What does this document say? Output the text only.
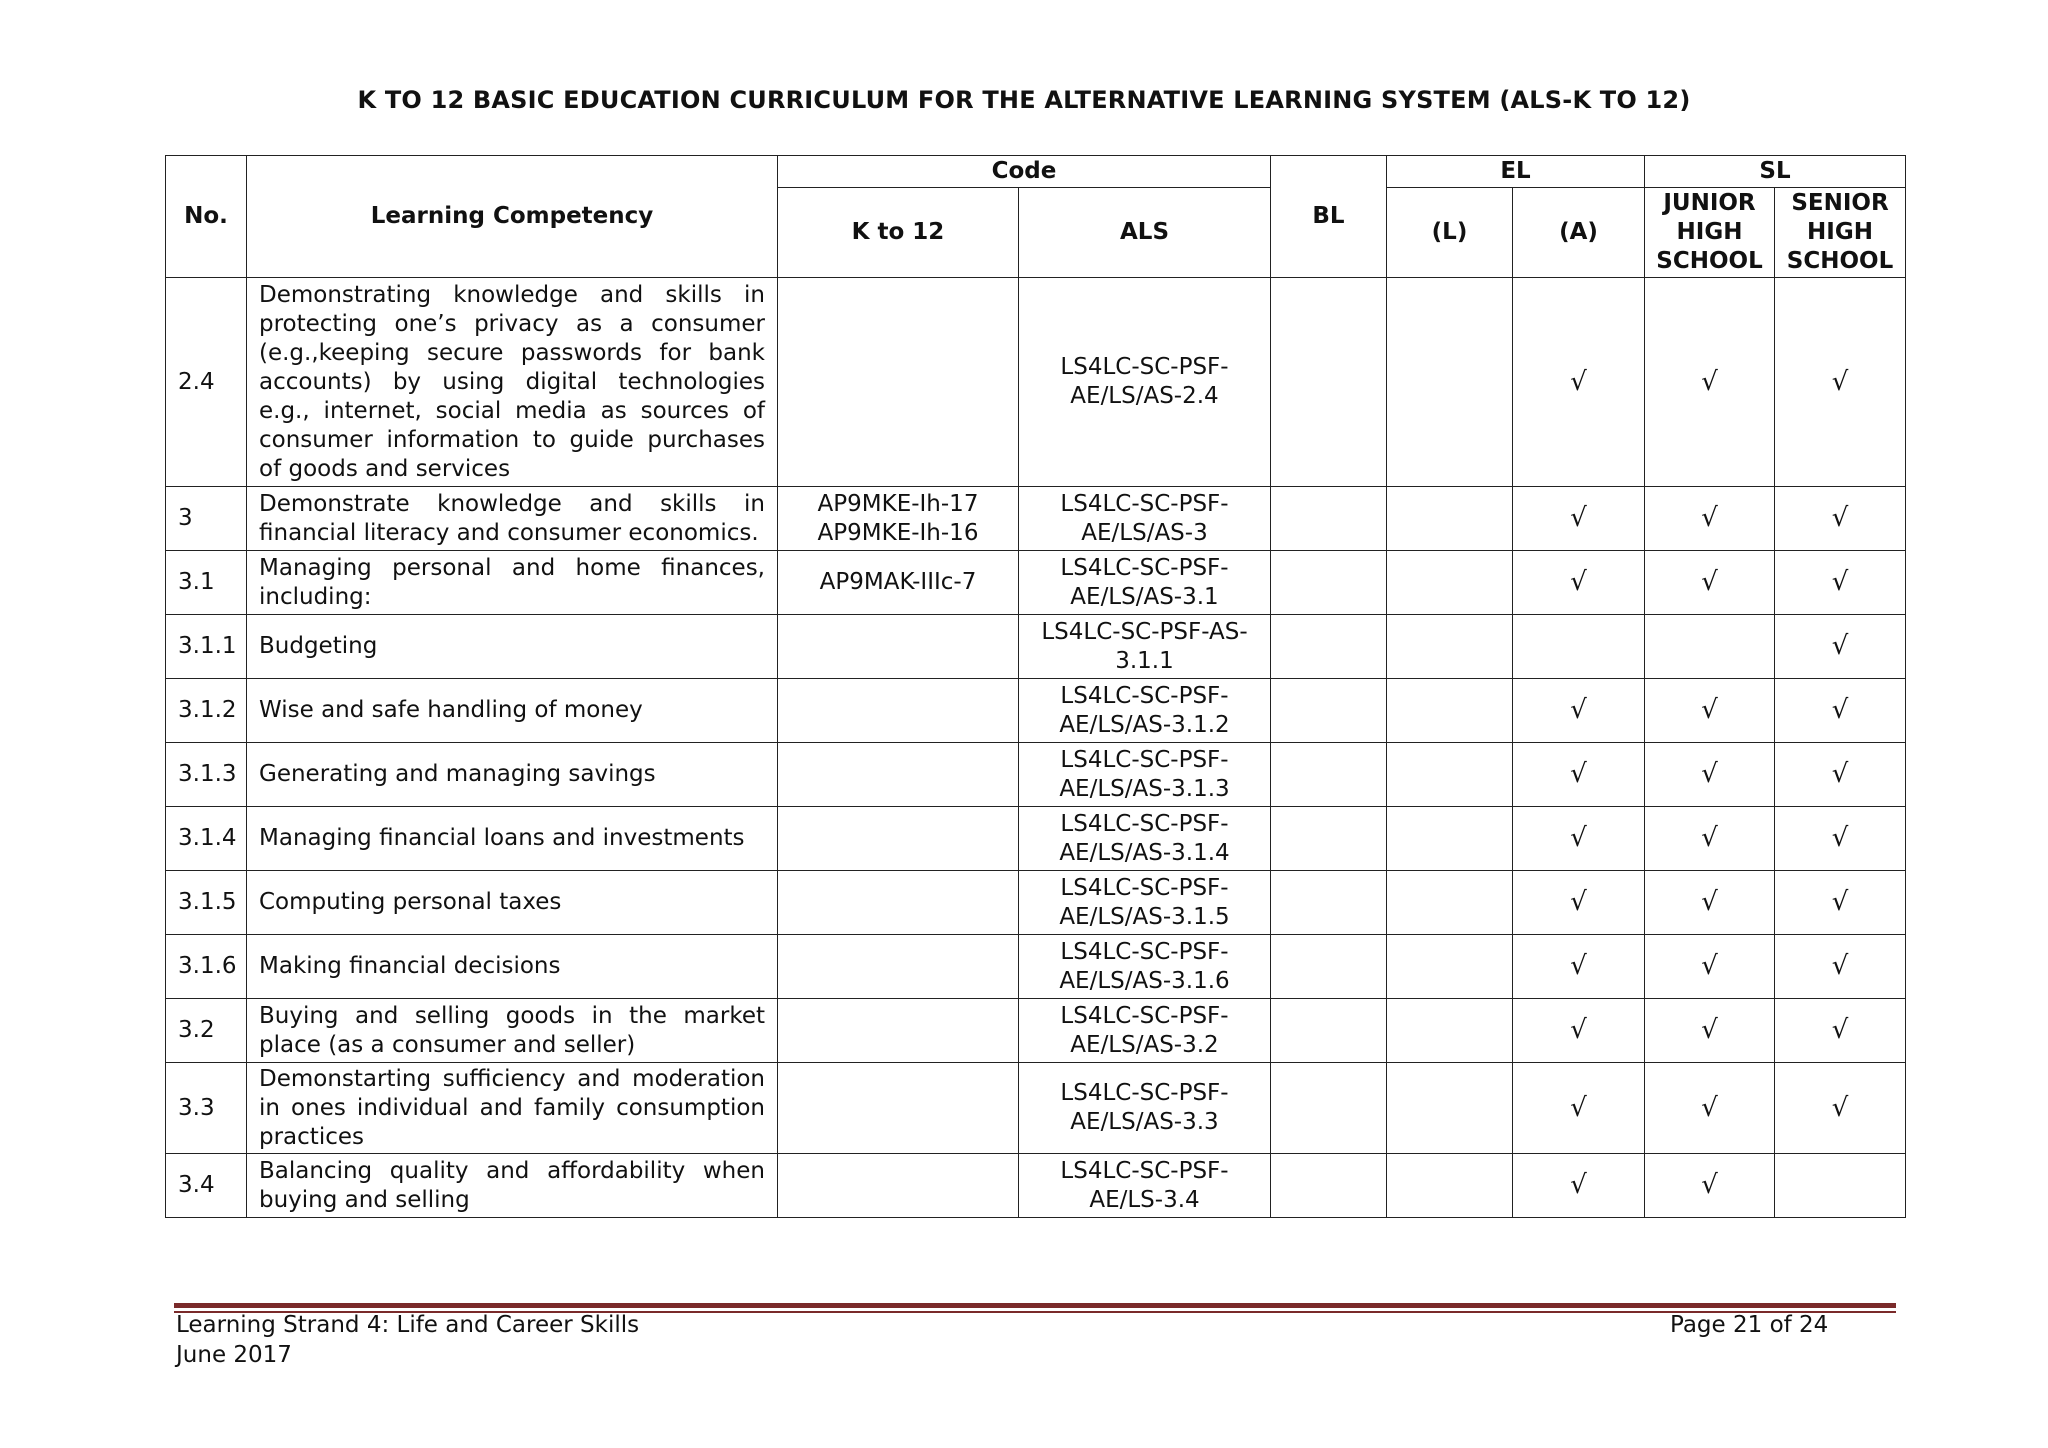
K TO 12 BASIC EDUCATION CURRICULUM FOR THE ALTERNATIVE LEARNING SYSTEM (ALS-K TO 12)
No.	Learning Competency	Code		BL	EL		SL	
		K to 12	ALS		(L)	(A)	JUNIOR HIGH SCHOOL	SENIOR HIGH SCHOOL
2.4	Demonstrating knowledge and skills in protecting one’s privacy as a consumer (e.g.,keeping secure passwords for bank accounts) by using digital technologies e.g., internet, social media as sources of consumer information to guide purchases of goods and services		LS4LC-SC-PSF-AE/LS/AS-2.4			√	√	√
3	Demonstrate knowledge and skills in financial literacy and consumer economics.	AP9MKE-Ih-17 AP9MKE-Ih-16	LS4LC-SC-PSF-AE/LS/AS-3			√	√	√
3.1	Managing personal and home finances, including:	AP9MAK-IIIc-7	LS4LC-SC-PSF-AE/LS/AS-3.1			√	√	√
3.1.1	Budgeting		LS4LC-SC-PSF-AS-3.1.1					√
3.1.2	Wise and safe handling of money		LS4LC-SC-PSF-AE/LS/AS-3.1.2			√	√	√
3.1.3	Generating and managing savings		LS4LC-SC-PSF-AE/LS/AS-3.1.3			√	√	√
3.1.4	Managing financial loans and investments		LS4LC-SC-PSF-AE/LS/AS-3.1.4			√	√	√
3.1.5	Computing personal taxes		LS4LC-SC-PSF-AE/LS/AS-3.1.5			√	√	√
3.1.6	Making financial decisions		LS4LC-SC-PSF-AE/LS/AS-3.1.6			√	√	√
3.2	Buying and selling goods in the market place (as a consumer and seller)		LS4LC-SC-PSF-AE/LS/AS-3.2			√	√	√
3.3	Demonstarting sufficiency and moderation in ones individual and family consumption practices		LS4LC-SC-PSF-AE/LS/AS-3.3			√	√	√
3.4	Balancing quality and affordability when buying and selling		LS4LC-SC-PSF-AE/LS-3.4			√	√	
Learning Strand 4: Life and Career Skills
June 2017
Page 21 of 24
